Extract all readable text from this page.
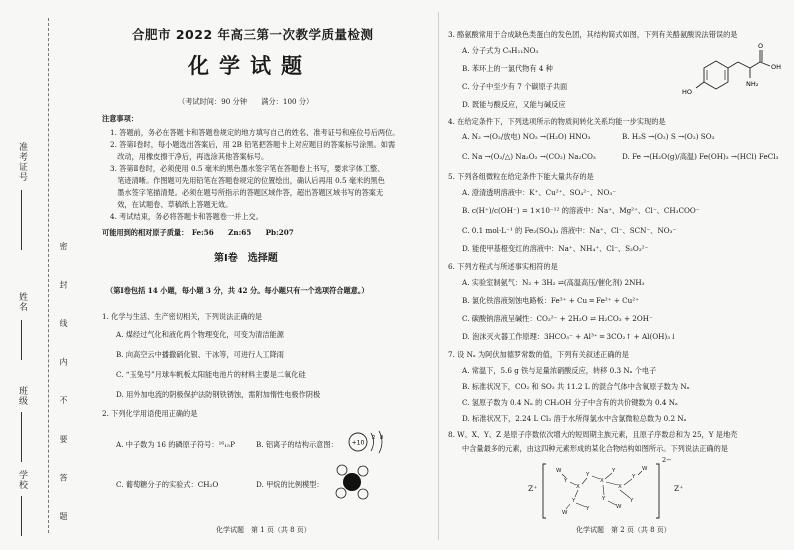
准考证号
姓名
班级
学校	密 封 线 内 不 要 答 题
合肥市 2022 年高三第一次教学质量检测
化学试题
（考试时间：90 分钟　　满分：100 分）
注意事项：
1. 答题前，务必在答题卡和答题卷规定的地方填写自己的姓名、准考证号和座位号后两位。
2. 答第Ⅰ卷时，每小题选出答案后，用 2B 铅笔把答题卡上对应题目的答案标号涂黑。如需
　改动，用橡皮擦干净后，再选涂其他答案标号。
3. 答第Ⅱ卷时，必须使用 0.5 毫米的黑色墨水签字笔在答题卷上书写，要求字体工整、
　笔迹清晰。作图题可先用铅笔在答题卷规定的位置绘出，确认后再用 0.5 毫米的黑色
　墨水签字笔描清楚。必须在题号所指示的答题区域作答，超出答题区域书写的答案无
　效，在试题卷、草稿纸上答题无效。
4. 考试结束，务必将答题卡和答题卷一并上交。
可能用到的相对原子质量：　Fe:56　　Zn:65　　Pb:207
第Ⅰ卷　选择题
（第Ⅰ卷包括 14 小题，每小题 3 分，共 42 分。每小题只有一个选项符合题意。）
1. 化学与生活、生产密切相关，下列说法正确的是
A. 煤经过气化和液化两个物理变化，可变为清洁能源
B. 向高空云中播撒硝化银、干冰等，可进行人工降雨
C. “玉兔号”月球车帆板太阳能电池片的材料主要是二氧化硅
D. 用外加电流的阴极保护法防钢铁锈蚀，需附加惰性电极作阴极
2. 下列化学用语使用正确的是
A. 中子数为 16 的磷原子符号：¹⁶₁₅P	B. 铝离子的结构示意图： +10
2 8
C. 葡萄糖分子的实验式：CH₂O	D. 甲烷的比例模型：
化学试题　第 1 页（共 8 页）
3. 酪氨酸常用于合成缺色类蛋白的发色团，其结构简式如图，下列有关酪氨酸说法错误的是
A. 分子式为 C₉H₁₁NO₃
B. 苯环上的一氯代物有 4 种
C. 分子中至少有 7 个碳原子共面
D. 既能与酸反应，又能与碱反应
HO
OH
O
NH₂
4. 在给定条件下，下列选项所示的物质间转化关系均能一步实现的是
A. N₂ →(O₂/放电) NO₂ →(H₂O) HNO₃	B. H₂S →(O₂) S →(O₂) SO₃
C. Na →(O₂/△) Na₂O₂ →(CO₂) Na₂CO₃	D. Fe →(H₂O(g)/高温) Fe(OH)₃ →(HCl) FeCl₃
5. 下列各组微粒在给定条件下能大量共存的是
A. 澄清透明溶液中：K⁺、Cu²⁺、SO₄²⁻、NO₃⁻
B. c(H⁺)/c(OH⁻) = 1×10⁻¹² 的溶液中：Na⁺、Mg²⁺、Cl⁻、CH₃COO⁻
C. 0.1 mol·L⁻¹ 的 Fe₂(SO₄)₃ 溶液中：Na⁺、Cl⁻、SCN⁻、NO₃⁻
D. 能使甲基橙变红的溶液中：Na⁺、NH₄⁺、Cl⁻、S₂O₃²⁻
6. 下列方程式与所述事实相符的是
A. 实验室制氨气：N₂ + 3H₂ ⇌(高温高压/催化剂) 2NH₃
B. 氯化铁溶液刻蚀电路板：Fe³⁺ + Cu ═ Fe²⁺ + Cu²⁺
C. 碳酸钠溶液呈碱性：CO₃²⁻ + 2H₂O ⇌ H₂CO₃ + 2OH⁻
D. 泡沫灭火器工作原理：3HCO₃⁻ + Al³⁺ ═ 3CO₂↑ + Al(OH)₃↓
7. 设 Nₐ 为阿伏加德罗常数的值，下列有关叙述正确的是
A. 常温下，5.6 g 铁与足量浓硝酸反应，转移 0.3 Nₐ 个电子
B. 标准状况下，CO₂ 和 SO₂ 共 11.2 L 的混合气体中含氧原子数为 Nₐ
C. 氢原子数为 0.4 Nₐ 的 CH₃OH 分子中含有的共价键数为 0.4 Nₐ
D. 标准状况下，2.24 L Cl₂ 溶于水所得氯水中含氯微粒总数为 0.2 Nₐ
8. W、X、Y、Z 是原子序数依次增大的短周期主族元素，且原子序数总和为 25，Y 是地壳
中含量最多的元素，由这四种元素形成的某化合物结构如图所示。下列说法正确的是
Z⁺
W
Y
X
Y
X
Y
X
Y
W
Y
Y
Y
W
Y
W
2−
Z⁺
化学试题　第 2 页（共 8 页）
